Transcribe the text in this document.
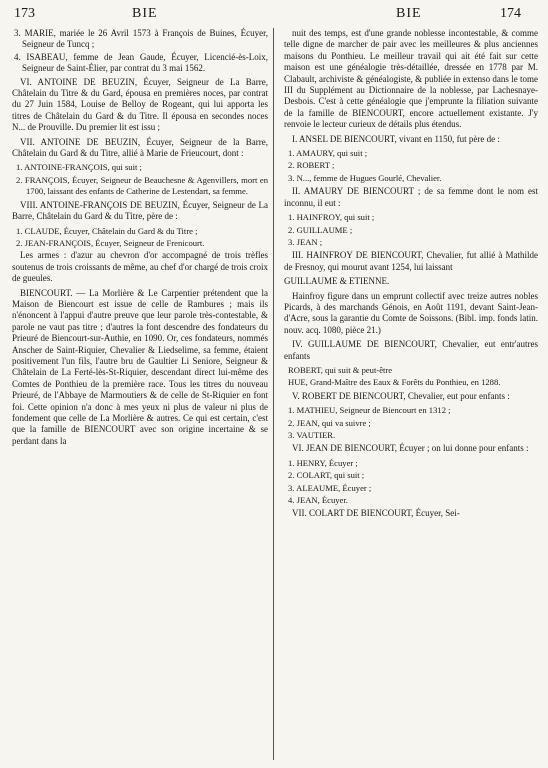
173	BIE	BIE	174

3. MARIE, mariée le 26 Avril 1573 à François de Buines, Écuyer, Seigneur de Tuncq ;

4. ISABEAU, femme de Jean Gaude, Écuyer, Licencié-ès-Loix, Seigneur de Saint-Élier, par contrat du 3 mai 1562.

VI. ANTOINE DE BEUZIN, Écuyer, Seigneur de La Barre, Châtelain du Titre & du Gard, épousa en premières noces, par contrat du 27 Juin 1584, Louise de Belloy de Rogeant, qui lui apporta les titres de Châtelain du Gard & du Titre. Il épousa en secondes noces N... de Prouville. Du premier lit est issu ;

VII. ANTOINE DE BEUZIN, Écuyer, Seigneur de la Barre, Châtelain du Gard & du Titre, allié à Marie de Frieucourt, dont :

1. ANTOINE-FRANÇOIS, qui suit ;

2. FRANÇOIS, Écuyer, Seigneur de Beauchesne & Agenvillers, mort en 1700, laissant des enfants de Catherine de Lestendart, sa femme.

VIII. ANTOINE-FRANÇOIS DE BEUZIN, Écuyer, Seigneur de La Barre, Châtelain du Gard & du Titre, père de :

1. CLAUDE, Écuyer, Châtelain du Gard & du Titre ;

2. JEAN-FRANÇOIS, Écuyer, Seigneur de Frenicourt.

Les armes : d'azur au chevron d'or accompagné de trois trèfles soutenus de trois croissants de même, au chef d'or chargé de trois croix de gueules.

BIENCOURT. — La Morlière & Le Carpentier prétendent que la Maison de Biencourt est issue de celle de Rambures ; mais ils n'énoncent à l'appui d'autre preuve que leur parole très-contestable, & parole ne vaut pas titre ; d'autres la font descendre des fondateurs du Prieuré de Biencourt-sur-Authie, en 1090. Or, ces fondateurs, nommés Anscher de Saint-Riquier, Chevalier & Liedselime, sa femme, étaient positivement l'un fils, l'autre bru de Gaultier Li Seniore, Seigneur & Châtelain de La Ferté-lès-St-Riquier, descendant direct lui-même des Comtes de Ponthieu de la première race. Tous les titres du nouveau Prieuré, de l'Abbaye de Marmoutiers & de celle de St-Riquier en font foi. Cette opinion n'a donc à mes yeux ni plus de valeur ni plus de fondement que celle de La Morlière & autres. Ce qui est certain, c'est que la famille de BIENCOURT avec son origine incertaine & se perdant dans la

nuit des temps, est d'une grande noblesse incontestable, & comme telle digne de marcher de pair avec les meilleures & plus anciennes maisons du Ponthieu. Le meilleur travail qui ait été fait sur cette maison est une généalogie très-détaillée, dressée en 1778 par M. Clabault, archiviste & généalogiste, & publiée in extenso dans le tome III du Supplément au Dictionnaire de la noblesse, par Lachesnaye-Desbois. C'est à cette généalogie que j'emprunte la filiation suivante de la famille de BIENCOURT, encore actuellement existante. J'y renvoie le lecteur curieux de détails plus étendus.

I. ANSEL DE BIENCOURT, vivant en 1150, fut père de :

1. AMAURY, qui suit ;

2. ROBERT ;

3. N..., femme de Hugues Gourlé, Chevalier.

II. AMAURY DE BIENCOURT ; de sa femme dont le nom est inconnu, il eut :

1. HAINFROY, qui suit ;

2. GUILLAUME ;

3. JEAN ;

III. HAINFROY DE BIENCOURT, Chevalier, fut allié à Mathilde de Fresnoy, qui mourut avant 1254, lui laissant

GUILLAUME & ETIENNE.

Hainfroy figure dans un emprunt collectif avec treize autres nobles Picards, à des marchands Génois, en Août 1191, devant Saint-Jean-d'Acre, sous la garantie du Comte de Soissons. (Bibl. imp. fonds latin. nouv. acq. 1080, pièce 21.)

IV. GUILLAUME DE BIENCOURT, Chevalier, eut entr'autres enfants

ROBERT, qui suit & peut-être

HUE, Grand-Maître des Eaux & Forêts du Ponthieu, en 1288.

V. ROBERT DE BIENCOURT, Chevalier, eut pour enfants :

1. MATHIEU, Seigneur de Biencourt en 1312 ;

2. JEAN, qui va suivre ;

3. VAUTIER.

VI. JEAN DE BIENCOURT, Écuyer ; on lui donne pour enfants :

1. HENRY, Écuyer ;

2. COLART, qui suit ;

3. ALEAUME, Écuyer ;

4. JEAN, Écuyer.

VII. COLART DE BIENCOURT, Écuyer, Sei-
